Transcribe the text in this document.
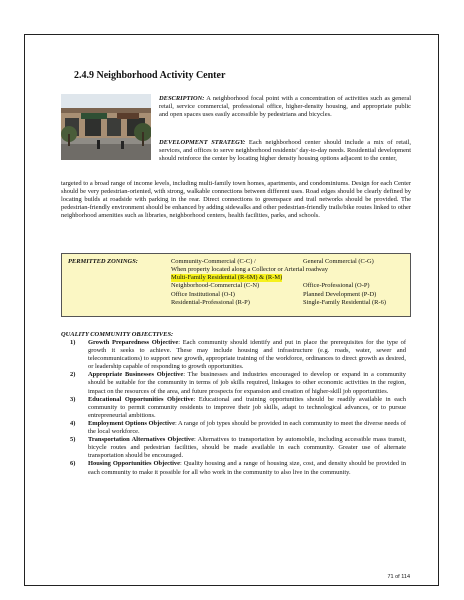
2.4.9 Neighborhood Activity Center
DESCRIPTION: A neighborhood focal point with a concentration of activities such as general retail, service commercial, professional office, higher-density housing, and appropriate public and open spaces uses easily accessible by pedestrians and bicycles.
DEVELOPMENT STRATEGY: Each neighborhood center should include a mix of retail, services, and offices to serve neighborhood residents’ day-to-day needs. Residential development should reinforce the center by locating higher density housing options adjacent to the center,
targeted to a broad range of income levels, including multi-family town homes, apartments, and condominiums. Design for each Center should be very pedestrian-oriented, with strong, walkable connections between different uses. Road edges should be clearly defined by locating builds at roadside with parking in the rear. Direct connections to greenspace and trail networks should be provided. The pedestrian-friendly environment should be enhanced by adding sidewalks and other pedestrian-friendly trails/bike routes linked to other neighborhood amenities such as libraries, neighborhood centers, health facilities, parks, and schools.
PERMITTED ZONINGS:	Community-Commercial (C-C) /	General Commercial (C-G)
When property located along a Collector or Arterial roadway
Multi-Family Residential (R-6M) & (R-M)
Neighborhood-Commercial (C-N)	Office-Professional (O-P)
Office Institutional (O-I)	Planned Development (P-D)
Residential-Professional (R-P)	Single-Family Residential (R-6)
QUALITY COMMUNITY OBJECTIVES:
1) Growth Preparedness Objective: Each community should identify and put in place the prerequisites for the type of growth it seeks to achieve. These may include housing and infrastructure (e.g. roads, water, sewer and telecommunications) to support new growth, appropriate training of the workforce, ordinances to direct growth as desired, or leadership capable of responding to growth opportunities.
2) Appropriate Businesses Objective: The businesses and industries encouraged to develop or expand in a community should be suitable for the community in terms of job skills required, linkages to other economic activities in the region, impact on the resources of the area, and future prospects for expansion and creation of higher-skill job opportunities.
3) Educational Opportunities Objective: Educational and training opportunities should be readily available in each community to permit community residents to improve their job skills, adapt to technological advances, or to pursue entrepreneurial ambitions.
4) Employment Options Objective: A range of job types should be provided in each community to meet the diverse needs of the local workforce.
5) Transportation Alternatives Objective: Alternatives to transportation by automobile, including accessible mass transit, bicycle routes and pedestrian facilities, should be made available in each community. Greater use of alternate transportation should be encouraged.
6) Housing Opportunities Objective: Quality housing and a range of housing size, cost, and density should be provided in each community to make it possible for all who work in the community to also live in the community.
71 of 114
